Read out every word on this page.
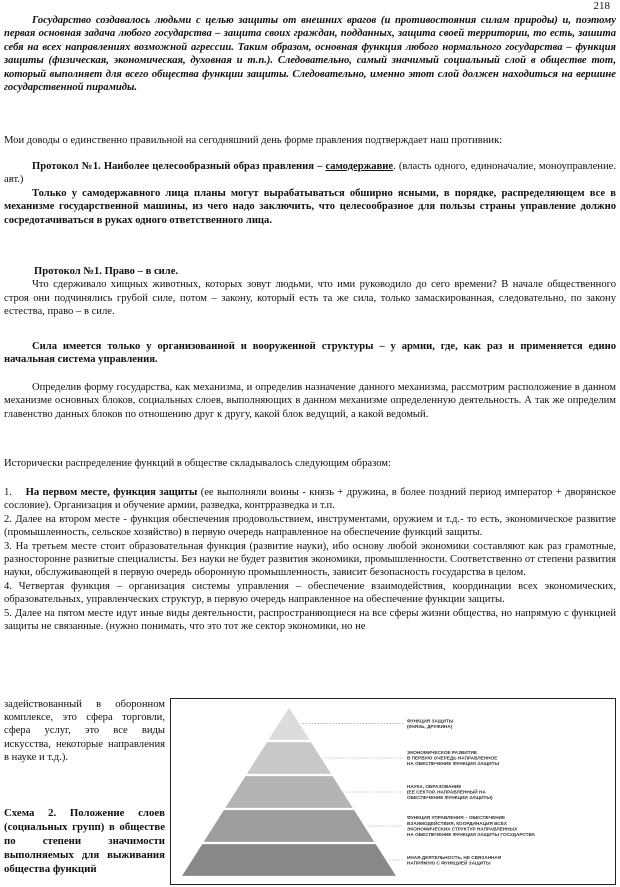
218

Государство создавалось людьми с целью защиты от внешних врагов (и противостояния силам природы) и, поэтому первая основная задача любого государства – защита своих граждан, подданных, защита своей территории, то есть, зашита себя на всех направлениях возможной агрессии. Таким образом, основная функция любого нормального государства – функция защиты (физическая, экономическая, духовная и т.п.). Следовательно, самый значимый социальный слой в обществе тот, который выполняет для всего общества функции защиты. Следовательно, именно этот слой должен находиться на вершине государственной пирамиды.

Мои доводы о единственно правильной на сегодняшний день форме правления подтверждает наш противник:

Протокол №1. Наиболее целесообразный образ правления – самодержавие. (власть одного, единоначалие, моноуправление. авт.)

Только у самодержавного лица планы могут вырабатываться обширно ясными, в порядке, распределяющем все в механизме государственной машины, из чего надо заключить, что целесообразное для пользы страны управление должно сосредотачиваться в руках одного ответственного лица.

Протокол №1. Право – в силе.

Что сдерживало хищных животных, которых зовут людьми, что ими руководило до сего времени? В начале общественного строя они подчинялись грубой силе, потом – закону, который есть та же сила, только замаскированная, следовательно, по закону естества, право – в силе.

Сила имеется только у организованной и вооруженной структуры – у армии, где, как раз и применяется едино начальная система управления.

Определив форму государства, как механизма, и определив назначение данного механизма, рассмотрим расположение в данном механизме основных блоков, социальных слоев, выполняющих в данном механизме определенную деятельность. А так же определим главенство данных блоков по отношению друг к другу, какой блок ведущий, а какой ведомый.

Исторически распределение функций в обществе складывалось следующим образом:

1. На первом месте, функция защиты (ее выполняли воины - князь + дружина, в более поздний период император + дворянское сословие). Организация и обучение армии, разведка, контрразведка и т.п.

2. Далее на втором месте - функция обеспечения продовольствием, инструментами, оружием и т.д.- то есть, экономическое развитие (промышленность, сельское хозяйство) в первую очередь направленное на обеспечение функций защиты.

3. На третьем месте стоит образовательная функция (развитие науки), ибо основу любой экономики составляют как раз грамотные, разносторонне развитые специалисты. Без науки не будет развития экономики, промышленности. Соответственно от степени развития науки, обслуживающей в первую очередь оборонную промышленность, зависит безопасность государства в целом.

4. Четвертая функция – организация системы управления – обеспечение взаимодействия, координации всех экономических, образовательных, управленческих структур, в первую очередь направленное на обеспечение функции защиты.

5. Далее на пятом месте идут иные виды деятельности, распространяющиеся на все сферы жизни общества, но напрямую с функцией защиты не связанные. (нужно понимать, что это тот же сектор экономики, но не

задействованный в оборонном комплексе, это сфера торговли, сфера услуг, это все виды искусства, некоторые направления в науке и т.д.).

Схема 2. Положение слоев (социальных групп) в обществе по степени значимости выполняемых для выживания общества функций

ФУНКЦИЯ ЗАЩИТЫ (КНЯЗЬ, ДРУЖИНА)
ЭКОНОМИЧЕСКОЕ РАЗВИТИЕ В ПЕРВУЮ ОЧЕРЕДЬ НАПРАВЛЕННОЕ НА ОБЕСПЕЧЕНИЕ ФУНКЦИИ ЗАЩИТЫ
НАУКА, ОБРАЗОВАНИЕ (ЕЕ СЕКТОР, НАПРАВЛЕННЫЙ НА ОБЕСПЕЧЕНИЕ ФУНКЦИИ ЗАЩИТЫ)
ФУНКЦИЯ УПРАВЛЕНИЯ – ОБЕСПЕЧЕНИЕ ВЗАИМОДЕЙСТВИЯ, КООРДИНАЦИЯ ВСЕХ ЭКОНОМИЧЕСКИХ СТРУКТУР НАПРАВЛЕННЫХ НА ОБЕСПЕЧЕНИЕ ФУНКЦИИ ЗАЩИТЫ ГОСУДАРСТВА
ИНАЯ ДЕЯТЕЛЬНОСТЬ, НЕ СВЯЗАННАЯ НАПРЯМУЮ С ФУНКЦИЕЙ ЗАЩИТЫ
